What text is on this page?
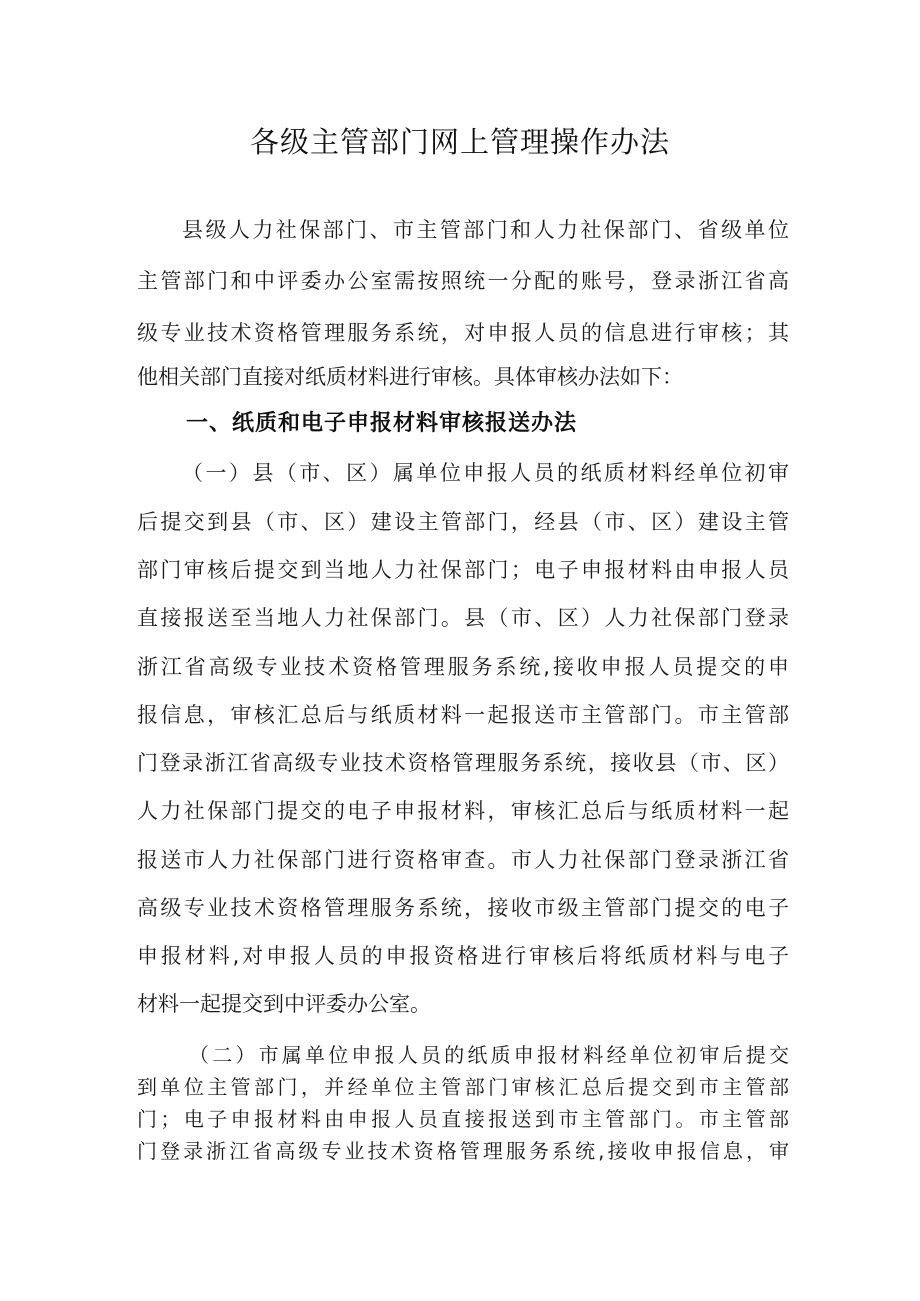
各级主管部门网上管理操作办法
县级人力社保部门、市主管部门和人力社保部门、省级单位
主管部门和中评委办公室需按照统一分配的账号，登录浙江省高
级专业技术资格管理服务系统，对申报人员的信息进行审核；其
他相关部门直接对纸质材料进行审核。具体审核办法如下：
一、纸质和电子申报材料审核报送办法
（一）县（市、区）属单位申报人员的纸质材料经单位初审
后提交到县（市、区）建设主管部门，经县（市、区）建设主管
部门审核后提交到当地人力社保部门；电子申报材料由申报人员
直接报送至当地人力社保部门。县（市、区）人力社保部门登录
浙江省高级专业技术资格管理服务系统,接收申报人员提交的申
报信息，审核汇总后与纸质材料一起报送市主管部门。市主管部
门登录浙江省高级专业技术资格管理服务系统，接收县（市、区）
人力社保部门提交的电子申报材料，审核汇总后与纸质材料一起
报送市人力社保部门进行资格审查。市人力社保部门登录浙江省
高级专业技术资格管理服务系统，接收市级主管部门提交的电子
申报材料,对申报人员的申报资格进行审核后将纸质材料与电子
材料一起提交到中评委办公室。
（二）市属单位申报人员的纸质申报材料经单位初审后提交
到单位主管部门，并经单位主管部门审核汇总后提交到市主管部
门；电子申报材料由申报人员直接报送到市主管部门。市主管部
门登录浙江省高级专业技术资格管理服务系统,接收申报信息，审
